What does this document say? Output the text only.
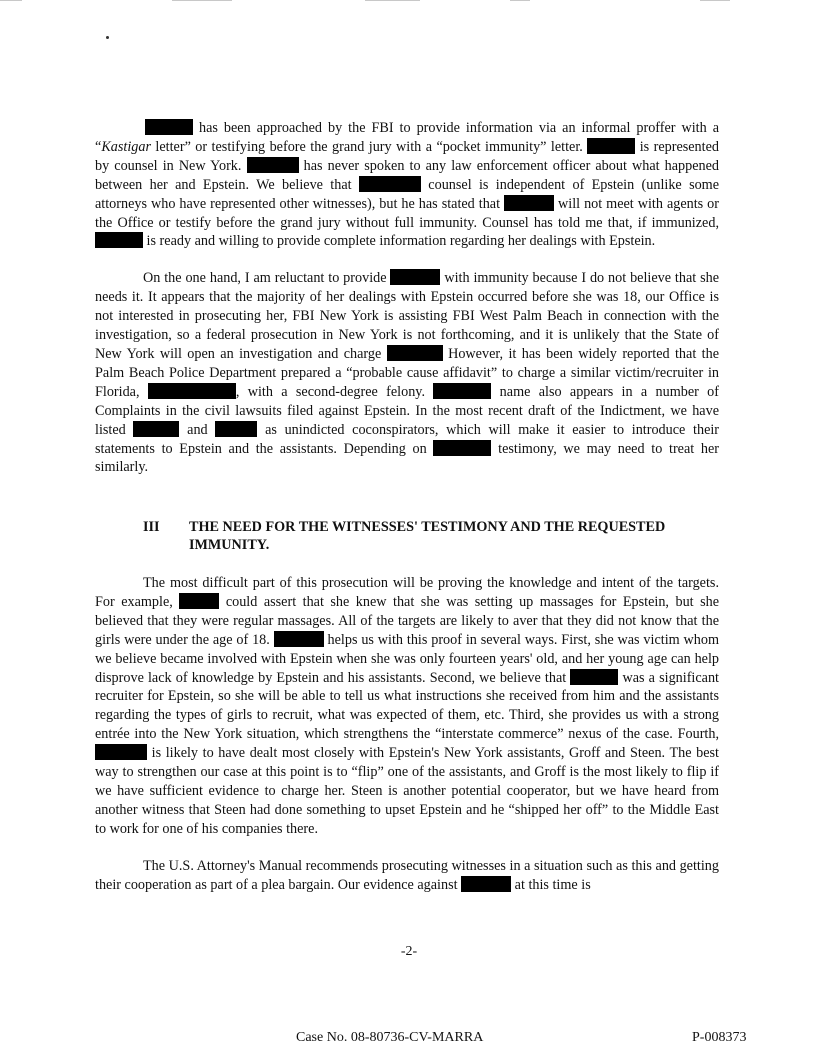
has been approached by the FBI to provide information via an informal proffer with a “Kastigar letter” or testifying before the grand jury with a “pocket immunity” letter.	is represented by counsel in New York.	has never spoken to any law enforcement officer about what happened between her and Epstein. We believe that	counsel is independent of Epstein (unlike some attorneys who have represented other witnesses), but he has stated that	will not meet with agents or the Office or testify before the grand jury without full immunity. Counsel has told me that, if immunized,  is ready and willing to provide complete information regarding her dealings with Epstein.

On the one hand, I am reluctant to provide	with immunity because I do not believe that she needs it. It appears that the majority of her dealings with Epstein occurred before she was 18, our Office is not interested in prosecuting her, FBI New York is assisting FBI West Palm Beach in connection with the investigation, so a federal prosecution in New York is not forthcoming, and it is unlikely that the State of New York will open an investigation and charge	However, it has been widely reported that the Palm Beach Police Department prepared a “probable cause affidavit” to charge a similar victim/recruiter in Florida,	, with a second-degree felony.	name also appears in a number of Complaints in the civil lawsuits filed against Epstein. In the most recent draft of the Indictment, we have listed	and	as unindicted coconspirators, which will make it easier to introduce their statements to Epstein and the assistants. Depending on	testimony, we may need to treat her similarly.

III THE NEED FOR THE WITNESSES' TESTIMONY AND THE REQUESTED IMMUNITY.

The most difficult part of this prosecution will be proving the knowledge and intent of the targets. For example,	could assert that she knew that she was setting up massages for Epstein, but she believed that they were regular massages. All of the targets are likely to aver that they did not know that the girls were under the age of 18.	helps us with this proof in several ways. First, she was victim whom we believe became involved with Epstein when she was only fourteen years' old, and her young age can help disprove lack of knowledge by Epstein and his assistants. Second, we believe that	was a significant recruiter for Epstein, so she will be able to tell us what instructions she received from him and the assistants regarding the types of girls to recruit, what was expected of them, etc. Third, she provides us with a strong entrée into the New York situation, which strengthens the “interstate commerce” nexus of the case. Fourth,  is likely to have dealt most closely with Epstein's New York assistants, Groff and Steen. The best way to strengthen our case at this point is to “flip” one of the assistants, and Groff is the most likely to flip if we have sufficient evidence to charge her. Steen is another potential cooperator, but we have heard from another witness that Steen had done something to upset Epstein and he “shipped her off” to the Middle East to work for one of his companies there.

The U.S. Attorney's Manual recommends prosecuting witnesses in a situation such as this and getting their cooperation as part of a plea bargain. Our evidence against	at this time is

-2-
Case No. 08-80736-CV-MARRA	P-008373
